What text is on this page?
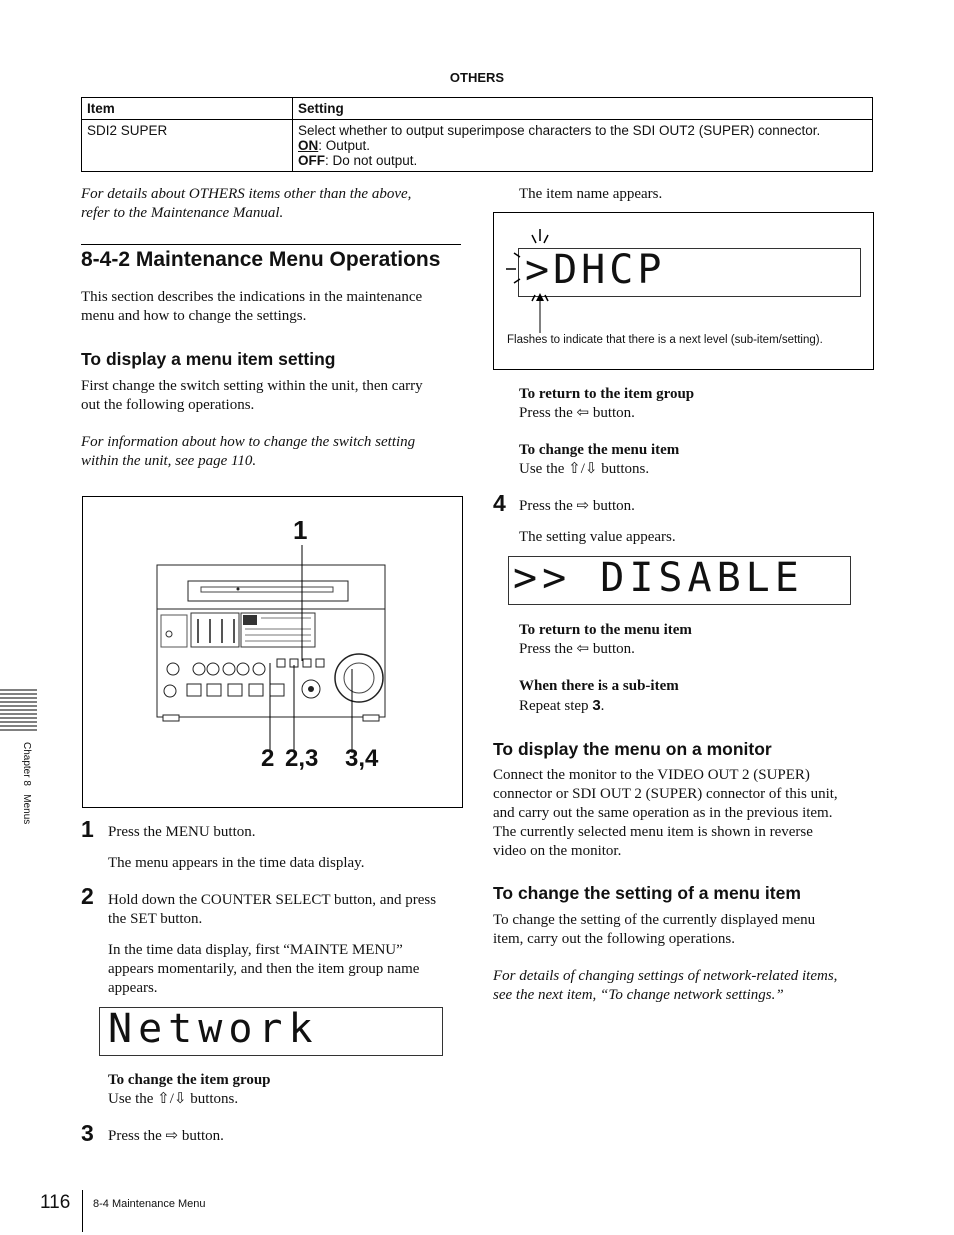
OTHERS
Item	Setting
SDI2 SUPER	Select whether to output superimpose characters to the SDI OUT2 (SUPER) connector.
ON: Output.
OFF: Do not output.
For details about OTHERS items other than the above,
refer to the Maintenance Manual.
8-4-2 Maintenance Menu Operations
This section describes the indications in the maintenance
menu and how to change the settings.
To display a menu item setting
First change the switch setting within the unit, then carry
out the following operations.
For information about how to change the switch setting
within the unit, see page 110.
1
2 2,3 3,4
1 Press the MENU button.
The menu appears in the time data display.
2 Hold down the COUNTER SELECT button, and press
the SET button.
In the time data display, first “MAINTE MENU”
appears momentarily, and then the item group name
appears.
Network
To change the item group
Use the ⇧/⇩ buttons.
3 Press the ⇨ button.
The item name appears.
>DHCP
Flashes to indicate that there is a next level (sub-item/setting).
To return to the item group
Press the ⇦ button.
To change the menu item
Use the ⇧/⇩ buttons.
4 Press the ⇨ button.
The setting value appears.
>> DISABLE
To return to the menu item
Press the ⇦ button.
When there is a sub-item
Repeat step 3.
To display the menu on a monitor
Connect the monitor to the VIDEO OUT 2 (SUPER)
connector or SDI OUT 2 (SUPER) connector of this unit,
and carry out the same operation as in the previous item.
The currently selected menu item is shown in reverse
video on the monitor.
To change the setting of a menu item
To change the setting of the currently displayed menu
item, carry out the following operations.
For details of changing settings of network-related items,
see the next item, “To change network settings.”
Chapter 8   Menus
116 8-4 Maintenance Menu
